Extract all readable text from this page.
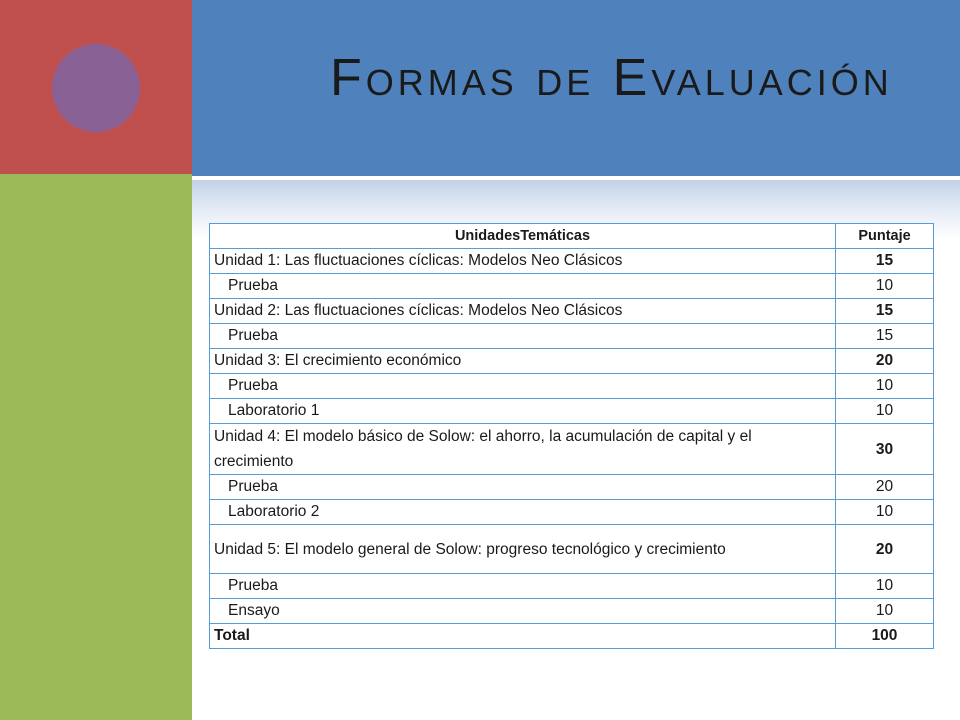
Formas de Evaluación
UnidadesTemáticas	Puntaje
Unidad 1: Las fluctuaciones cíclicas: Modelos Neo Clásicos	15
Prueba	10
Unidad 2: Las fluctuaciones cíclicas: Modelos Neo Clásicos	15
Prueba	15
Unidad 3: El crecimiento económico	20
Prueba	10
Laboratorio 1	10
Unidad 4: El modelo básico de Solow: el ahorro, la acumulación de capital y el crecimiento	30
Prueba	20
Laboratorio 2	10
Unidad 5: El modelo general de Solow: progreso tecnológico y crecimiento	20
Prueba	10
Ensayo	10
Total	100
